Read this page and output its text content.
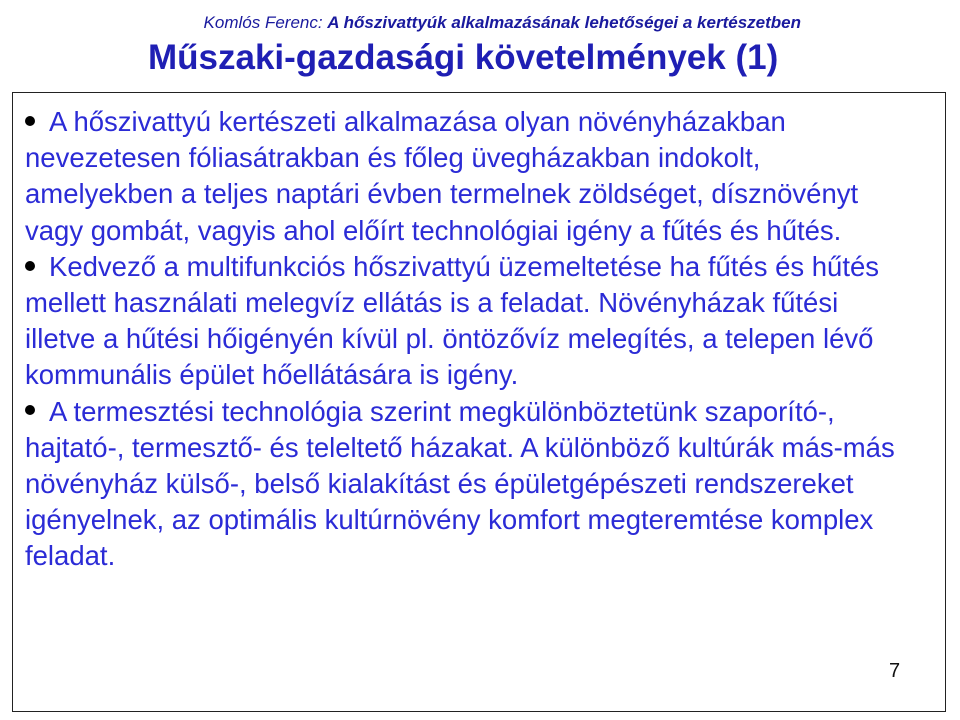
Komlós Ferenc: A hőszivattyúk alkalmazásának lehetőségei a kertészetben
Műszaki-gazdasági követelmények (1)

A hőszivattyú kertészeti alkalmazása olyan növényházakban nevezetesen fóliasátrakban és főleg üvegházakban indokolt, amelyekben a teljes naptári évben termelnek zöldséget, dísznövényt vagy gombát, vagyis ahol előírt technológiai igény a fűtés és hűtés.

Kedvező a multifunkciós hőszivattyú üzemeltetése ha fűtés és hűtés mellett használati melegvíz ellátás is a feladat. Növényházak fűtési illetve a hűtési hőigényén kívül pl. öntözővíz melegítés, a telepen lévő kommunális épület hőellátására is igény.

A termesztési technológia szerint megkülönböztetünk szaporító-, hajtató-, termesztő- és teleltető házakat. A különböző kultúrák más-más növényház külső-, belső kialakítást és épületgépészeti rendszereket igényelnek, az optimális kultúrnövény komfort megteremtése komplex feladat.

7
